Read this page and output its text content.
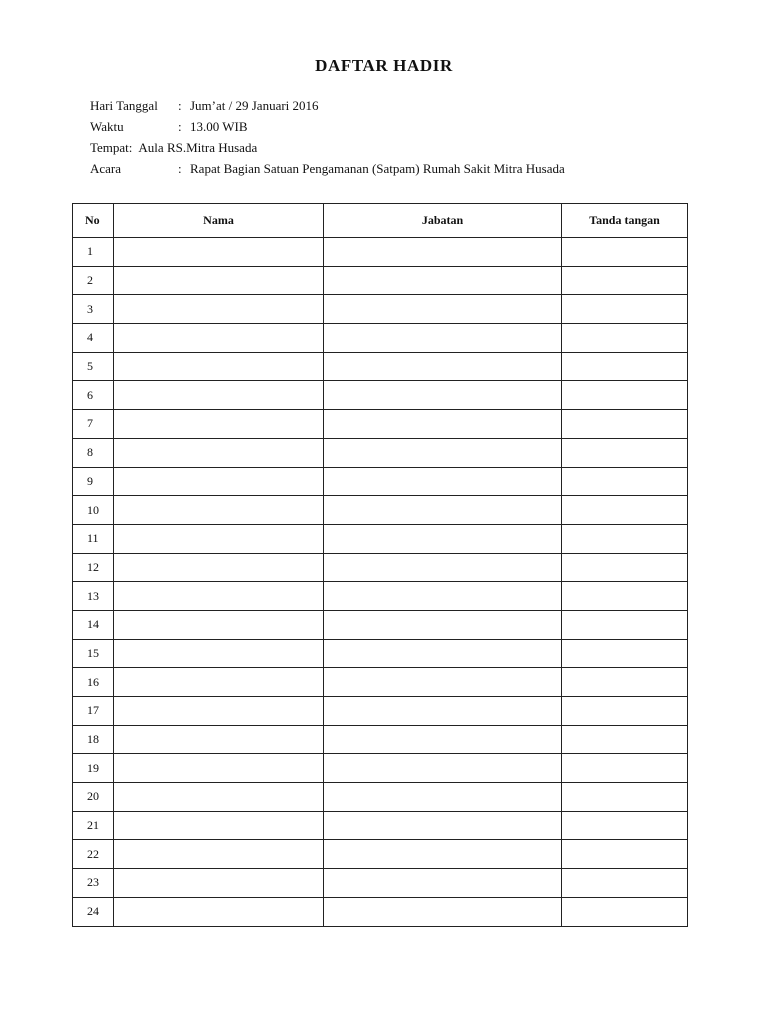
DAFTAR HADIR
Hari Tanggal	: Jum’at / 29 Januari 2016
Waktu	: 13.00 WIB
Tempat: Aula RS.Mitra Husada
Acara	: Rapat Bagian Satuan Pengamanan (Satpam) Rumah Sakit Mitra Husada
No	Nama	Jabatan	Tanda tangan
1			
2			
3			
4			
5			
6			
7			
8			
9			
10			
11			
12			
13			
14			
15			
16			
17			
18			
19			
20			
21			
22			
23			
24			
